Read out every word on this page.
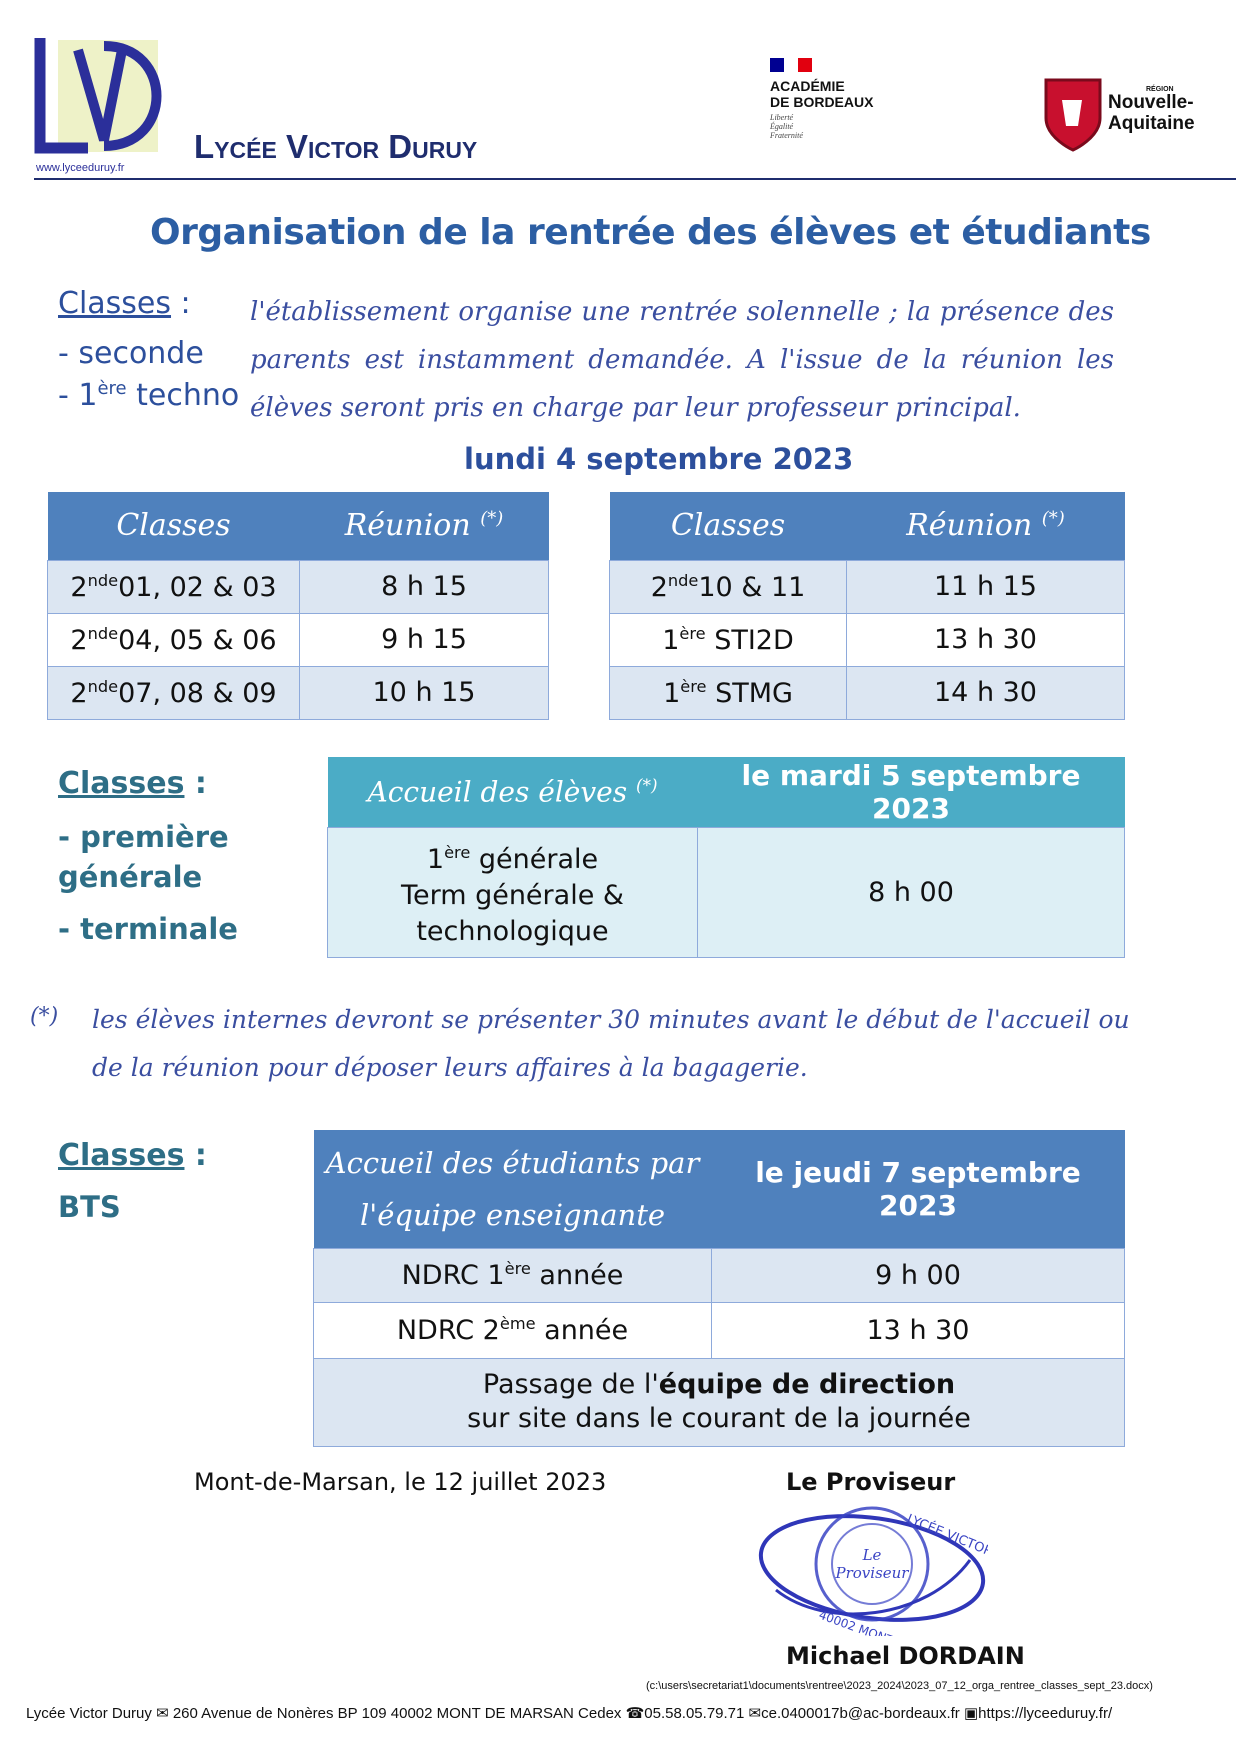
www.lyceeduruy.fr
Lycée Victor Duruy
ACADÉMIE
DE BORDEAUX
Liberté
Égalité
Fraternité
RÉGION
Nouvelle-
Aquitaine
Organisation de la rentrée des élèves et étudiants
Classes :
- seconde
- 1ère techno
l'établissement organise une rentrée solennelle ; la présence des parents est instamment demandée. A l'issue de la réunion les élèves seront pris en charge par leur professeur principal.
lundi 4 septembre 2023
Classes	Réunion (*)
2nde01, 02 & 03	8 h 15
2nde04, 05 & 06	9 h 15
2nde07, 08 & 09	10 h 15
Classes	Réunion (*)
2nde10 & 11	11 h 15
1ère STI2D	13 h 30
1ère STMG	14 h 30
Classes :
- première
générale
- terminale
Accueil des élèves (*)	le mardi 5 septembre 2023

1ère générale
Term générale &
technologique	8 h 00
(*) les élèves internes devront se présenter 30 minutes avant le début de l'accueil ou de la réunion pour déposer leurs affaires à la bagagerie.
Classes :
BTS
Accueil des étudiants par
l'équipe enseignante	le jeudi 7 septembre 2023
NDRC 1ère année	9 h 00
NDRC 2ème année	13 h 30

Passage de l'équipe de direction
sur site dans le courant de la journée	
Mont-de-Marsan, le 12 juillet 2023	Le Proviseur
Le
Proviseur
LYCÉE VICTOR
Michael DORDAIN
(c:\users\secretariat1\documents\rentree\2023_2024\2023_07_12_orga_rentree_classes_sept_23.docx)
Lycée Victor Duruy ✉ 260 Avenue de Nonères BP 109 40002 MONT DE MARSAN Cedex ☎05.58.05.79.71 ✉ce.0400017b@ac-bordeaux.fr ▣https://lyceeduruy.fr/
